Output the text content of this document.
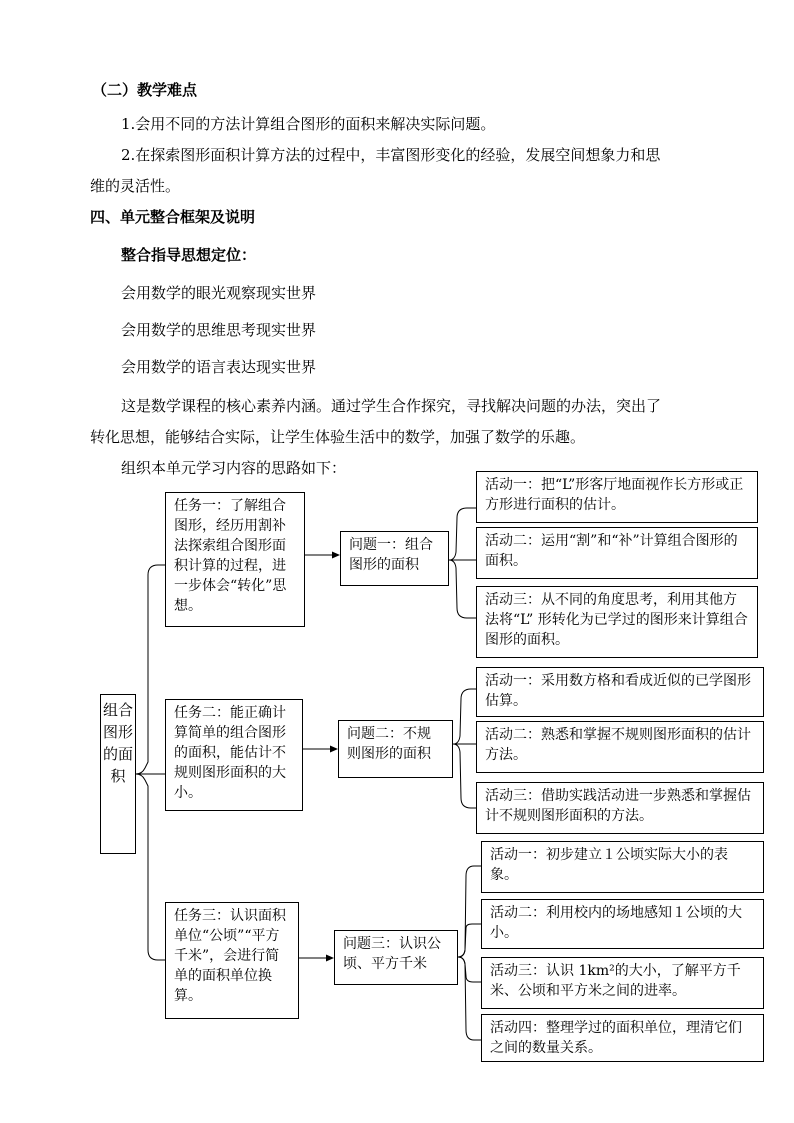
（二）教学难点
1.会用不同的方法计算组合图形的面积来解决实际问题。
2.在探索图形面积计算方法的过程中，丰富图形变化的经验，发展空间想象力和思
维的灵活性。
四、单元整合框架及说明
整合指导思想定位：
会用数学的眼光观察现实世界
会用数学的思维思考现实世界
会用数学的语言表达现实世界
这是数学课程的核心素养内涵。通过学生合作探究，寻找解决问题的办法，突出了
转化思想，能够结合实际，让学生体验生活中的数学，加强了数学的乐趣。
组织本单元学习内容的思路如下：
组合图形的面积
任务一：了解组合图形，经历用割补法探索组合图形面积计算的过程，进一步体会“转化”思想。
问题一：组合图形的面积
活动一：把“L”形客厅地面视作长方形或正方形进行面积的估计。
活动二：运用“割”和“补”计算组合图形的面积。
活动三：从不同的角度思考，利用其他方法将“L” 形转化为已学过的图形来计算组合图形的面积。
任务二：能正确计算简单的组合图形的面积，能估计不规则图形面积的大小。
问题二：不规则图形的面积
活动一：采用数方格和看成近似的已学图形估算。
活动二：熟悉和掌握不规则图形面积的估计方法。
活动三：借助实践活动进一步熟悉和掌握估计不规则图形面积的方法。
任务三：认识面积单位“公顷”“平方千米”，会进行简单的面积单位换算。
问题三：认识公顷、平方千米
活动一：初步建立１公顷实际大小的表象。
活动二：利用校内的场地感知１公顷的大小。
活动三：认识 1km²的大小，了解平方千米、公顷和平方米之间的进率。
活动四：整理学过的面积单位，理清它们之间的数量关系。
